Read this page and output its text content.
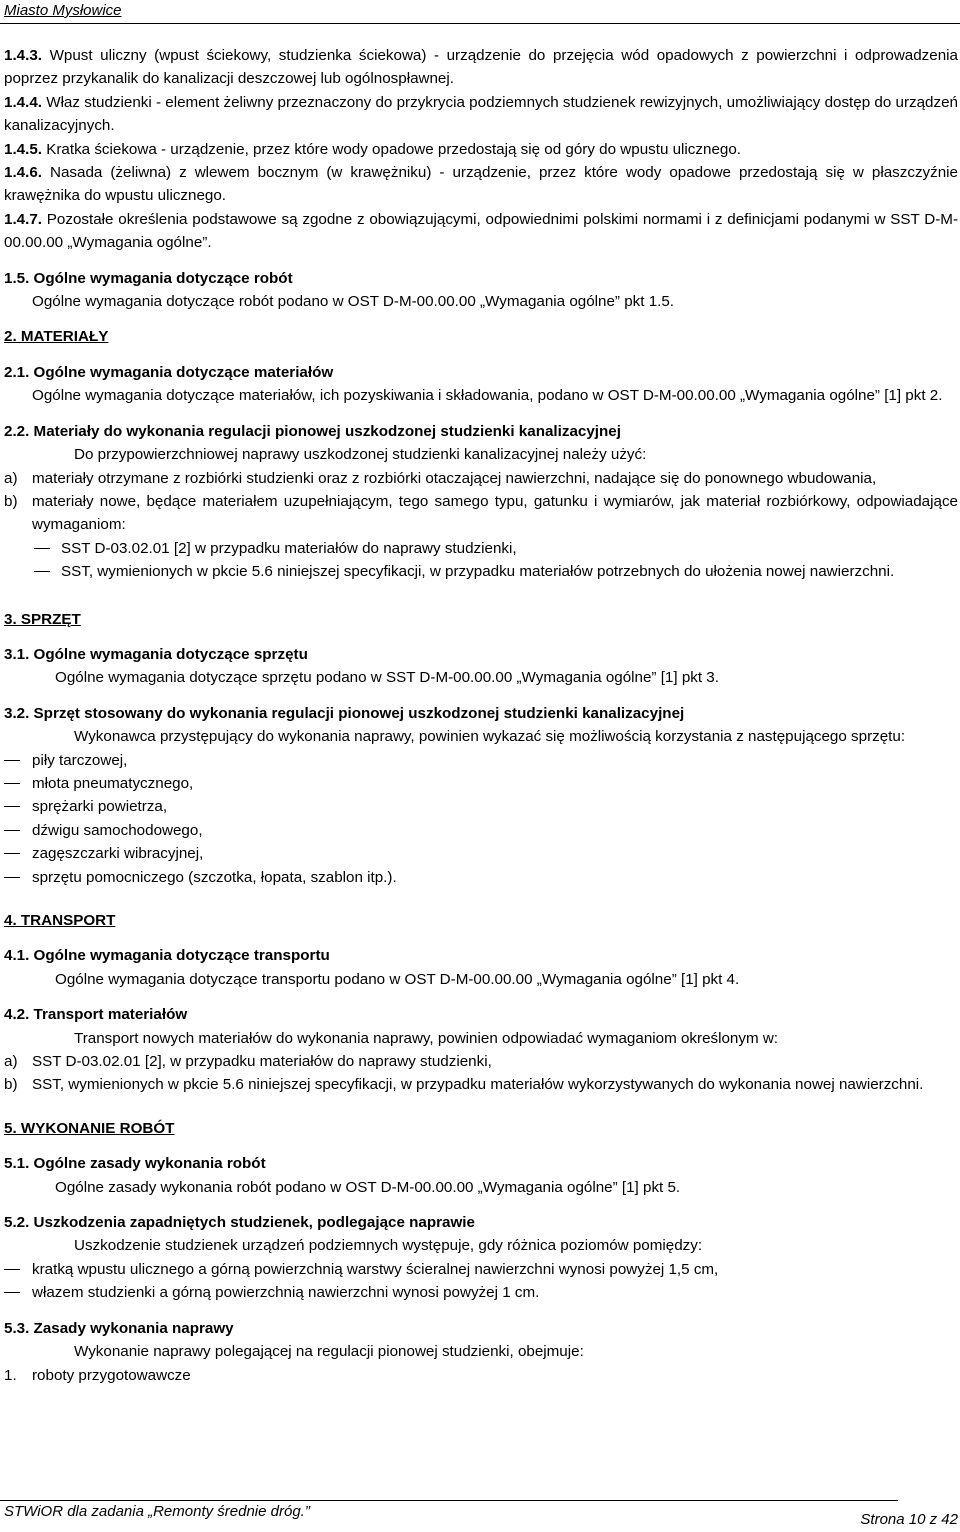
Miasto Mysłowice

1.4.3. Wpust uliczny (wpust ściekowy, studzienka ściekowa) - urządzenie do przejęcia wód opadowych z powierzchni i odprowadzenia poprzez przykanalik do kanalizacji deszczowej lub ogólnospławnej.

1.4.4. Właz studzienki - element żeliwny przeznaczony do przykrycia podziemnych studzienek rewizyjnych, umożliwiający dostęp do urządzeń kanalizacyjnych.

1.4.5. Kratka ściekowa - urządzenie, przez które wody opadowe przedostają się od góry do wpustu ulicznego.

1.4.6. Nasada (żeliwna) z wlewem bocznym (w krawężniku) - urządzenie, przez które wody opadowe przedostają się w płaszczyźnie krawężnika do wpustu ulicznego.

1.4.7. Pozostałe określenia podstawowe są zgodne z obowiązującymi, odpowiednimi polskimi normami i z definicjami podanymi w SST D-M-00.00.00 „Wymagania ogólne”.

1.5. Ogólne wymagania dotyczące robót

Ogólne wymagania dotyczące robót podano w OST D-M-00.00.00 „Wymagania ogólne” pkt 1.5.

2. MATERIAŁY

2.1. Ogólne wymagania dotyczące materiałów

Ogólne wymagania dotyczące materiałów, ich pozyskiwania i składowania, podano w OST D-M-00.00.00 „Wymagania ogólne” [1] pkt 2.

2.2. Materiały do wykonania regulacji pionowej uszkodzonej studzienki kanalizacyjnej

Do przypowierzchniowej naprawy uszkodzonej studzienki kanalizacyjnej należy użyć:

a) materiały otrzymane z rozbiórki studzienki oraz z rozbiórki otaczającej nawierzchni, nadające się do ponownego wbudowania,
b) materiały nowe, będące materiałem uzupełniającym, tego samego typu, gatunku i wymiarów, jak materiał rozbiórkowy, odpowiadające wymaganiom:
SST D-03.02.01 [2] w przypadku materiałów do naprawy studzienki,
SST, wymienionych w pkcie 5.6 niniejszej specyfikacji, w przypadku materiałów potrzebnych do ułożenia nowej nawierzchni.

3. SPRZĘT

3.1. Ogólne wymagania dotyczące sprzętu

Ogólne wymagania dotyczące sprzętu podano w SST D-M-00.00.00 „Wymagania ogólne” [1] pkt 3.

3.2. Sprzęt stosowany do wykonania regulacji pionowej uszkodzonej studzienki kanalizacyjnej

Wykonawca przystępujący do wykonania naprawy, powinien wykazać się możliwością korzystania z następującego sprzętu:

piły tarczowej,
młota pneumatycznego,
sprężarki powietrza,
dźwigu samochodowego,
zagęszczarki wibracyjnej,
sprzętu pomocniczego (szczotka, łopata, szablon itp.).

4. TRANSPORT

4.1. Ogólne wymagania dotyczące transportu

Ogólne wymagania dotyczące transportu podano w OST D-M-00.00.00 „Wymagania ogólne” [1] pkt 4.

4.2. Transport materiałów

Transport nowych materiałów do wykonania naprawy, powinien odpowiadać wymaganiom określonym w:

a) SST D-03.02.01 [2], w przypadku materiałów do naprawy studzienki,
b) SST, wymienionych w pkcie 5.6 niniejszej specyfikacji, w przypadku materiałów wykorzystywanych do wykonania nowej nawierzchni.

5. WYKONANIE ROBÓT

5.1. Ogólne zasady wykonania robót

Ogólne zasady wykonania robót podano w OST D-M-00.00.00 „Wymagania ogólne” [1] pkt 5.

5.2. Uszkodzenia zapadniętych studzienek, podlegające naprawie

Uszkodzenie studzienek urządzeń podziemnych występuje, gdy różnica poziomów pomiędzy:

kratką wpustu ulicznego a górną powierzchnią warstwy ścieralnej nawierzchni wynosi powyżej 1,5 cm,
włazem studzienki a górną powierzchnią nawierzchni wynosi powyżej 1 cm.

5.3. Zasady wykonania naprawy

Wykonanie naprawy polegającej na regulacji pionowej studzienki, obejmuje:

1. roboty przygotowawcze
STWiOR dla zadania „Remonty średnie dróg.”	Strona 10 z 42
